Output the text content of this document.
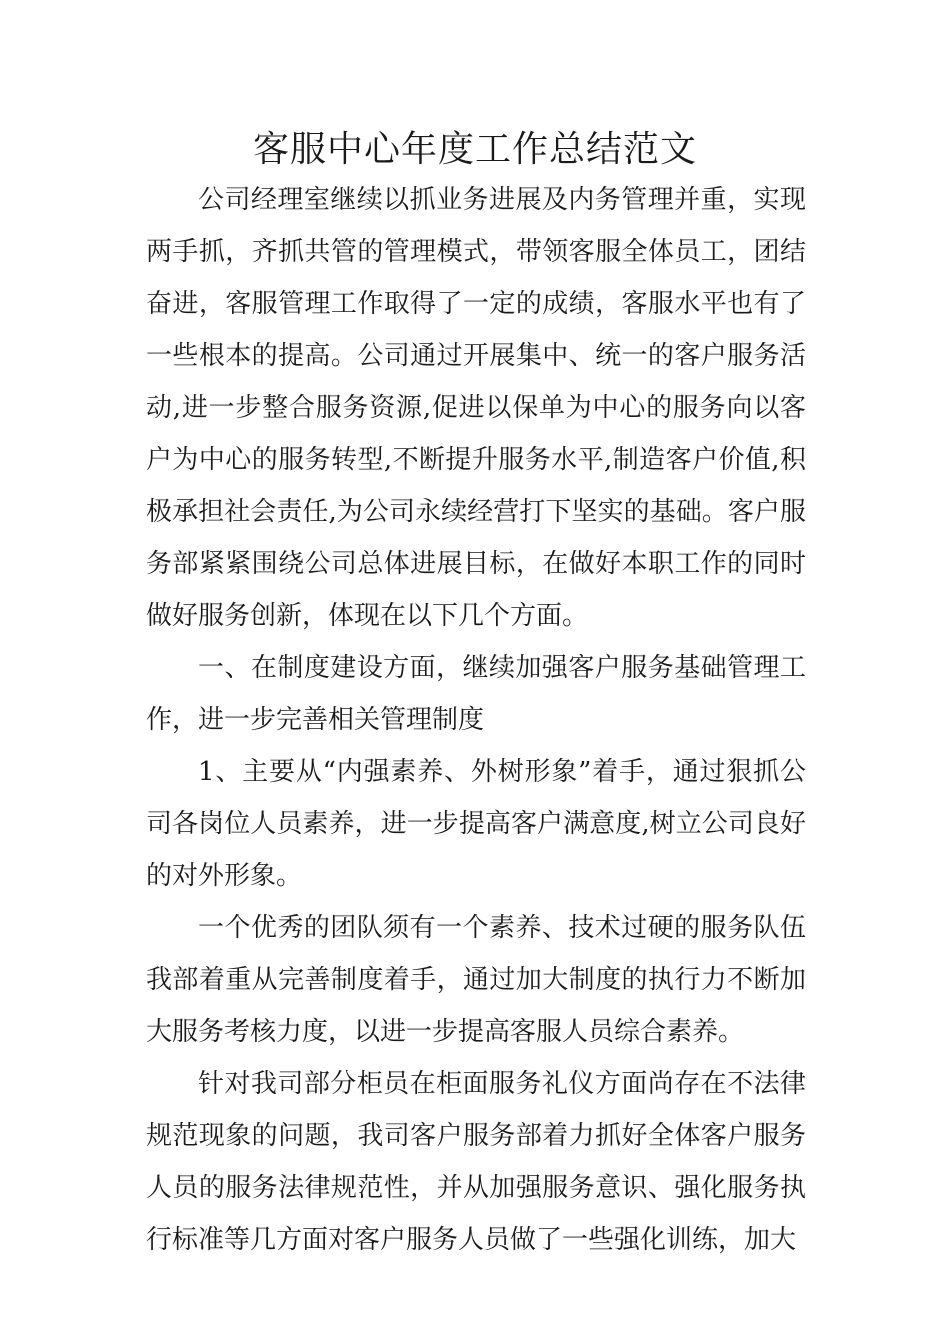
客服中心年度工作总结范文

公司经理室继续以抓业务进展及内务管理并重，实现两手抓，齐抓共管的管理模式，带领客服全体员工，团结奋进，客服管理工作取得了一定的成绩，客服水平也有了一些根本的提高。公司通过开展集中、统一的客户服务活动,进一步整合服务资源,促进以保单为中心的服务向以客户为中心的服务转型,不断提升服务水平,制造客户价值,积极承担社会责任,为公司永续经营打下坚实的基础。客户服务部紧紧围绕公司总体进展目标，在做好本职工作的同时做好服务创新，体现在以下几个方面。

一、在制度建设方面，继续加强客户服务基础管理工作，进一步完善相关管理制度

1、主要从“内强素养、外树形象”着手，通过狠抓公司各岗位人员素养，进一步提高客户满意度,树立公司良好的对外形象。

一个优秀的团队须有一个素养、技术过硬的服务队伍我部着重从完善制度着手，通过加大制度的执行力不断加大服务考核力度，以进一步提高客服人员综合素养。

针对我司部分柜员在柜面服务礼仪方面尚存在不法律规范现象的问题，我司客户服务部着力抓好全体客户服务人员的服务法律规范性，并从加强服务意识、强化服务执行标准等几方面对客户服务人员做了一些强化训练，加大
